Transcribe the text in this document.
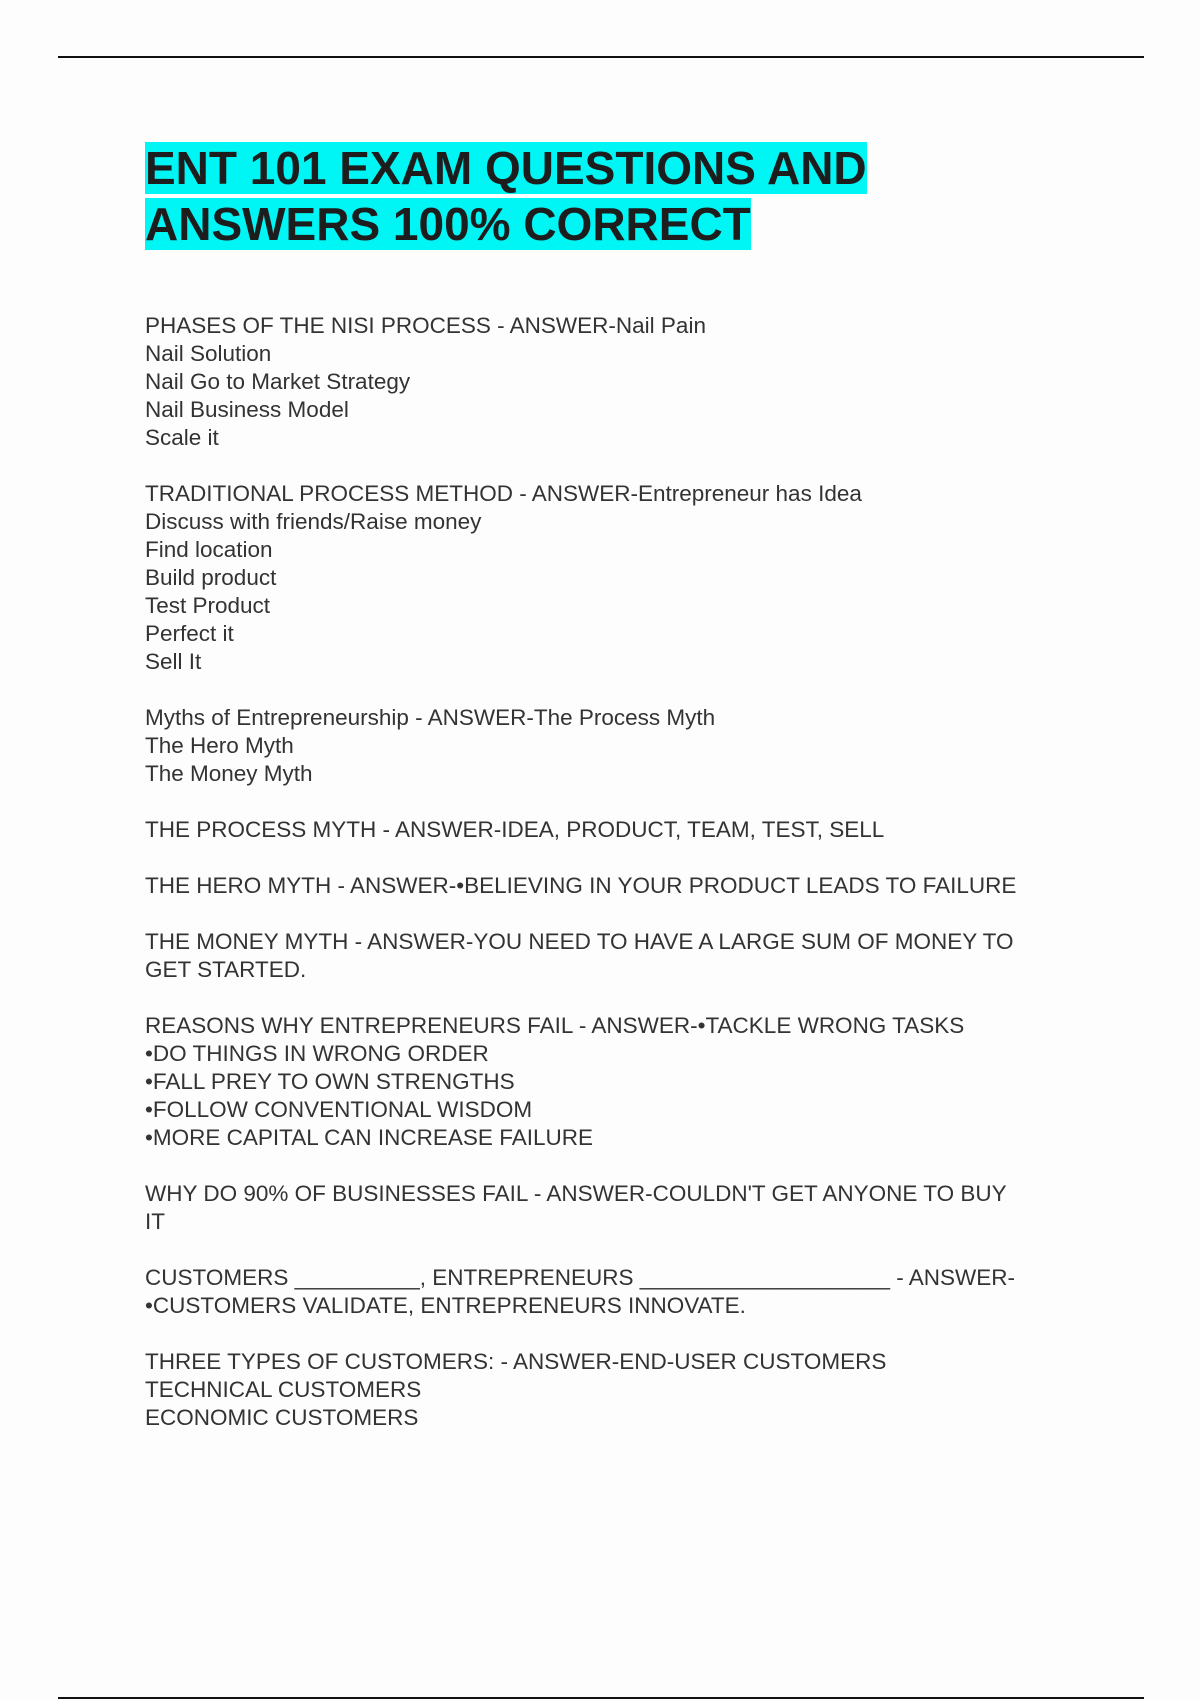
ENT 101 EXAM QUESTIONS AND
ANSWERS 100% CORRECT
PHASES OF THE NISI PROCESS - ANSWER-Nail Pain
Nail Solution
Nail Go to Market Strategy
Nail Business Model
Scale it
TRADITIONAL PROCESS METHOD - ANSWER-Entrepreneur has Idea
Discuss with friends/Raise money
Find location
Build product
Test Product
Perfect it
Sell It
Myths of Entrepreneurship - ANSWER-The Process Myth
The Hero Myth
The Money Myth
THE PROCESS MYTH - ANSWER-IDEA, PRODUCT, TEAM, TEST, SELL
THE HERO MYTH - ANSWER-•BELIEVING IN YOUR PRODUCT LEADS TO FAILURE
THE MONEY MYTH - ANSWER-YOU NEED TO HAVE A LARGE SUM OF MONEY TO
GET STARTED.
REASONS WHY ENTREPRENEURS FAIL - ANSWER-•TACKLE WRONG TASKS
•DO THINGS IN WRONG ORDER
•FALL PREY TO OWN STRENGTHS
•FOLLOW CONVENTIONAL WISDOM
•MORE CAPITAL CAN INCREASE FAILURE
WHY DO 90% OF BUSINESSES FAIL - ANSWER-COULDN'T GET ANYONE TO BUY
IT
CUSTOMERS __________, ENTREPRENEURS ____________________ - ANSWER-
•CUSTOMERS VALIDATE, ENTREPRENEURS INNOVATE.
THREE TYPES OF CUSTOMERS: - ANSWER-END-USER CUSTOMERS
TECHNICAL CUSTOMERS
ECONOMIC CUSTOMERS
